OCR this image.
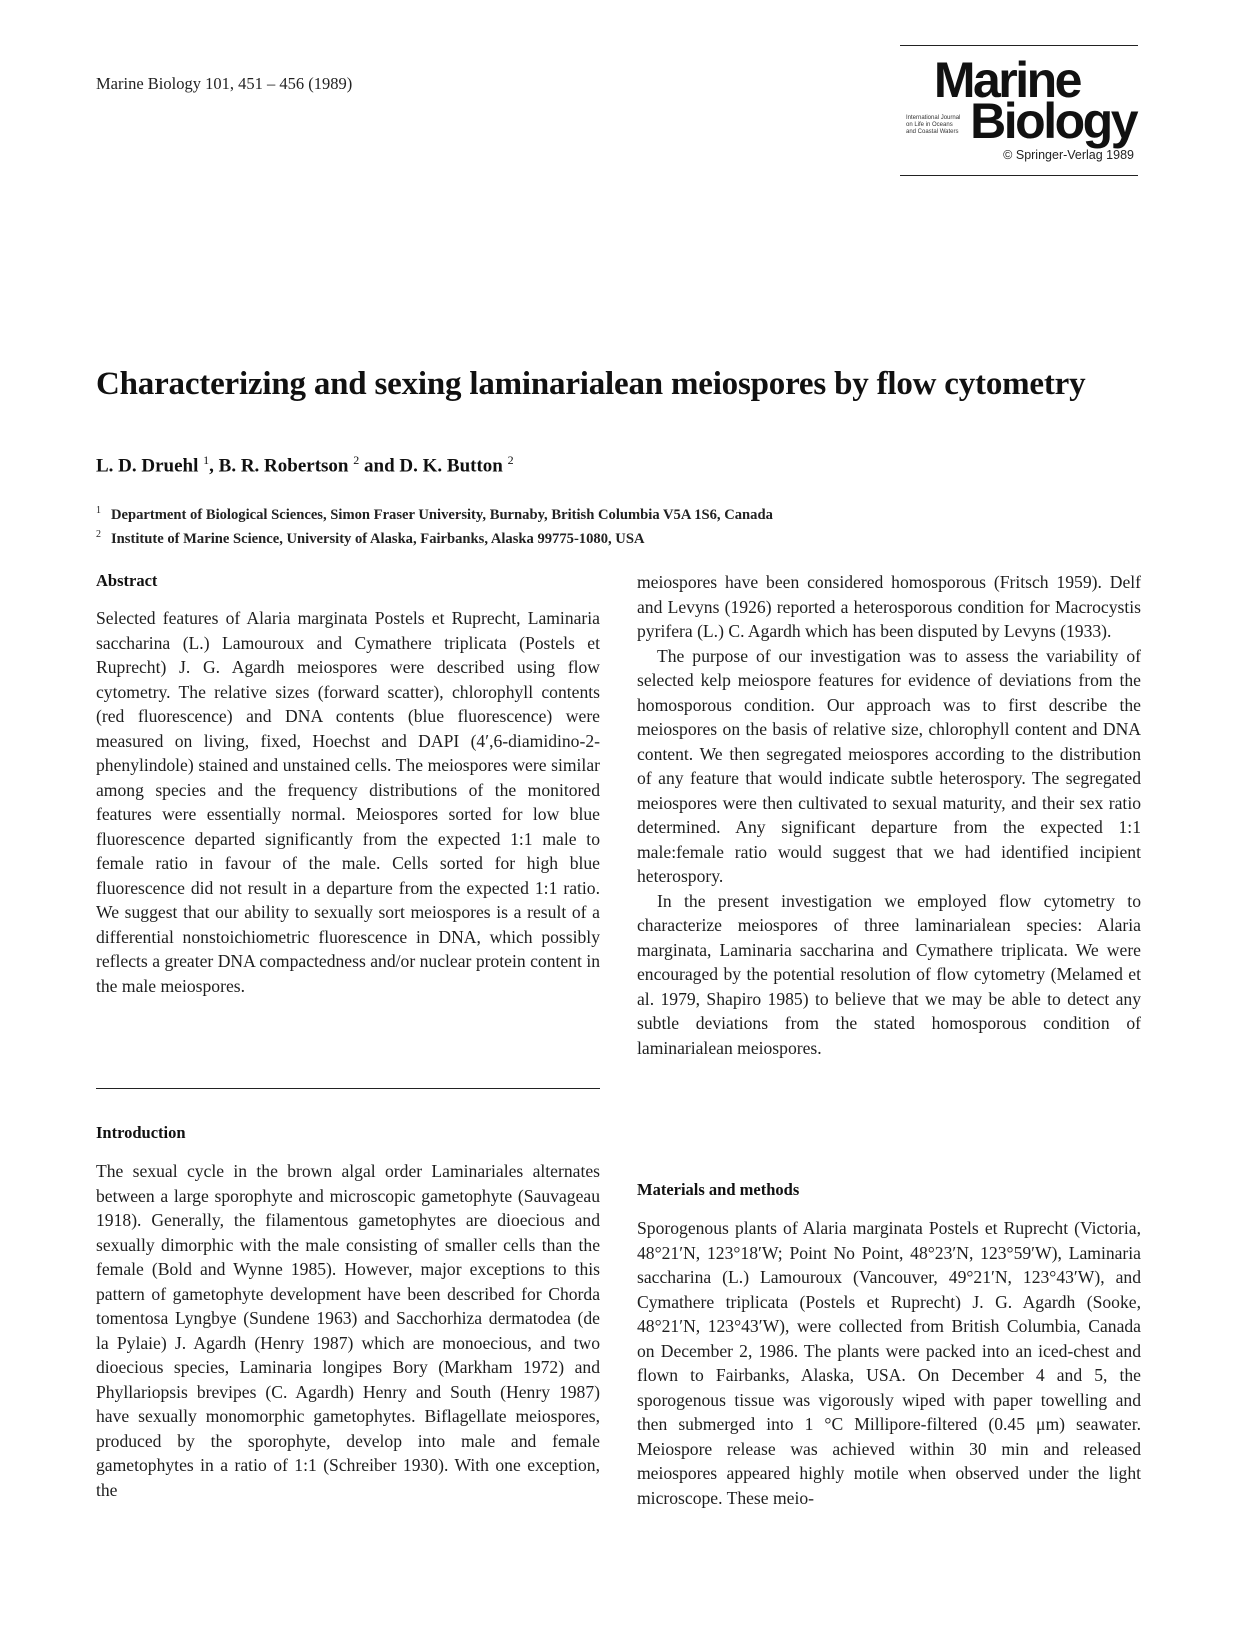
Marine Biology 101, 451 – 456 (1989)	Marine
International Journal
on Life in Oceans
and Coastal Waters Biology
© Springer-Verlag 1989
Characterizing and sexing laminarialean meiospores by flow cytometry
L. D. Druehl $^1$, B. R. Robertson $^2$ and D. K. Button $^2$
$^1$ Department of Biological Sciences, Simon Fraser University, Burnaby, British Columbia V5A 1S6, Canada
$^2$ Institute of Marine Science, University of Alaska, Fairbanks, Alaska 99775-1080, USA
Abstract

Selected features of Alaria marginata Postels et Ruprecht, Laminaria saccharina (L.) Lamouroux and Cymathere triplicata (Postels et Ruprecht) J. G. Agardh meiospores were described using flow cytometry. The relative sizes (forward scatter), chlorophyll contents (red fluorescence) and DNA contents (blue fluorescence) were measured on living, fixed, Hoechst and DAPI (4′,6-diamidino-2-phenylindole) stained and unstained cells. The meiospores were similar among species and the frequency distributions of the monitored features were essentially normal. Meiospores sorted for low blue fluorescence departed significantly from the expected 1:1 male to female ratio in favour of the male. Cells sorted for high blue fluorescence did not result in a departure from the expected 1:1 ratio. We suggest that our ability to sexually sort meiospores is a result of a differential nonstoichiometric fluorescence in DNA, which possibly reflects a greater DNA compactedness and/or nuclear protein content in the male meiospores.

Introduction

The sexual cycle in the brown algal order Laminariales alternates between a large sporophyte and microscopic gametophyte (Sauvageau 1918). Generally, the filamentous gametophytes are dioecious and sexually dimorphic with the male consisting of smaller cells than the female (Bold and Wynne 1985). However, major exceptions to this pattern of gametophyte development have been described for Chorda tomentosa Lyngbye (Sundene 1963) and Sacchorhiza dermatodea (de la Pylaie) J. Agardh (Henry 1987) which are monoecious, and two dioecious species, Laminaria longipes Bory (Markham 1972) and Phyllariopsis brevipes (C. Agardh) Henry and South (Henry 1987) have sexually monomorphic gametophytes. Biflagellate meiospores, produced by the sporophyte, develop into male and female gametophytes in a ratio of 1:1 (Schreiber 1930). With one exception, the

meiospores have been considered homosporous (Fritsch 1959). Delf and Levyns (1926) reported a heterosporous condition for Macrocystis pyrifera (L.) C. Agardh which has been disputed by Levyns (1933).

The purpose of our investigation was to assess the variability of selected kelp meiospore features for evidence of deviations from the homosporous condition. Our approach was to first describe the meiospores on the basis of relative size, chlorophyll content and DNA content. We then segregated meiospores according to the distribution of any feature that would indicate subtle heterospory. The segregated meiospores were then cultivated to sexual maturity, and their sex ratio determined. Any significant departure from the expected 1:1 male:female ratio would suggest that we had identified incipient heterospory.

In the present investigation we employed flow cytometry to characterize meiospores of three laminarialean species: Alaria marginata, Laminaria saccharina and Cymathere triplicata. We were encouraged by the potential resolution of flow cytometry (Melamed et al. 1979, Shapiro 1985) to believe that we may be able to detect any subtle deviations from the stated homosporous condition of laminarialean meiospores.

Materials and methods

Sporogenous plants of Alaria marginata Postels et Ruprecht (Victoria, 48°21′N, 123°18′W; Point No Point, 48°23′N, 123°59′W), Laminaria saccharina (L.) Lamouroux (Vancouver, 49°21′N, 123°43′W), and Cymathere triplicata (Postels et Ruprecht) J. G. Agardh (Sooke, 48°21′N, 123°43′W), were collected from British Columbia, Canada on December 2, 1986. The plants were packed into an iced-chest and flown to Fairbanks, Alaska, USA. On December 4 and 5, the sporogenous tissue was vigorously wiped with paper towelling and then submerged into 1 °C Millipore-filtered (0.45 μm) seawater. Meiospore release was achieved within 30 min and released meiospores appeared highly motile when observed under the light microscope. These meio-
